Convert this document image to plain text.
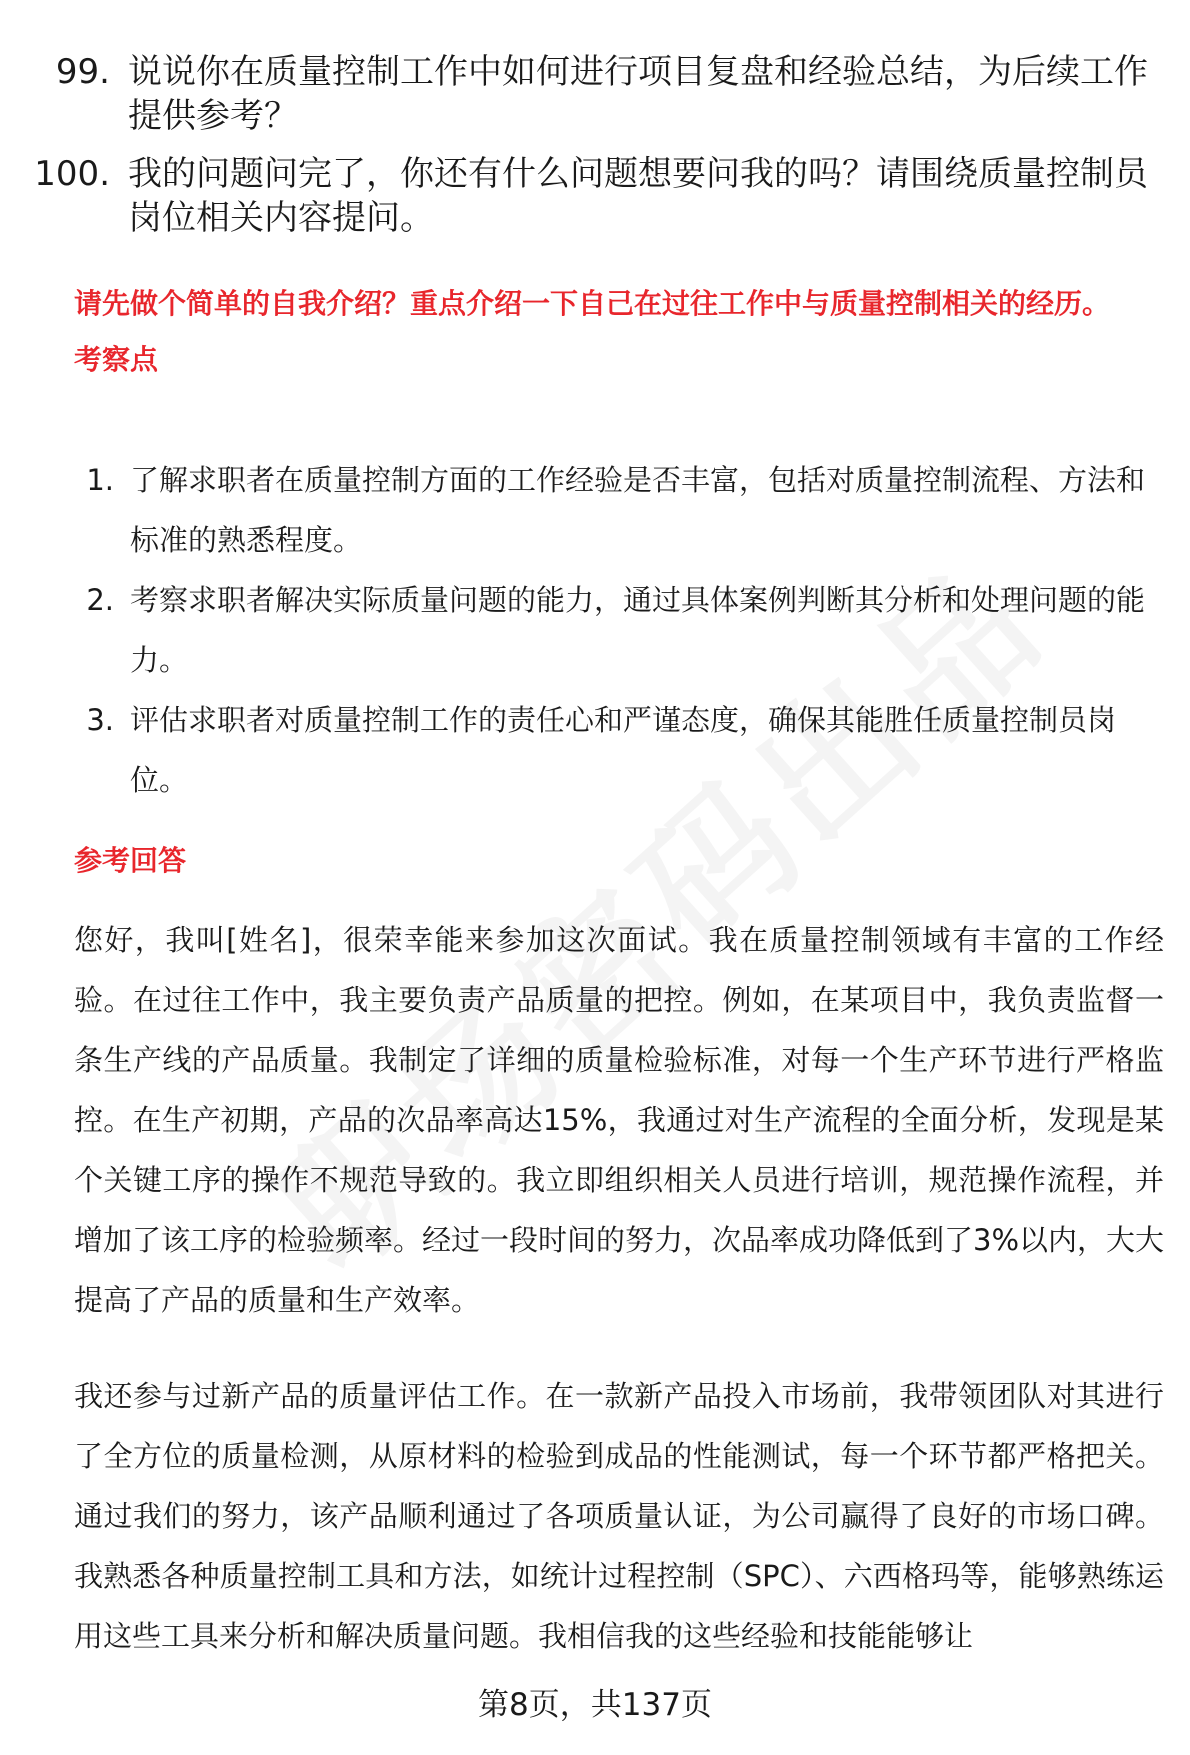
99. 说说你在质量控制工作中如何进行项目复盘和经验总结，为后续工作提供参考？
100. 我的问题问完了，你还有什么问题想要问我的吗？请围绕质量控制员岗位相关内容提问。
请先做个简单的自我介绍？重点介绍一下自己在过往工作中与质量控制相关的经历。
考察点
1. 了解求职者在质量控制方面的工作经验是否丰富，包括对质量控制流程、方法和标准的熟悉程度。
2. 考察求职者解决实际质量问题的能力，通过具体案例判断其分析和处理问题的能力。
3. 评估求职者对质量控制工作的责任心和严谨态度，确保其能胜任质量控制员岗位。
参考回答
您好，我叫[姓名]，很荣幸能来参加这次面试。我在质量控制领域有丰富的工作经验。在过往工作中，我主要负责产品质量的把控。例如，在某项目中，我负责监督一条生产线的产品质量。我制定了详细的质量检验标准，对每一个生产环节进行严格监控。在生产初期，产品的次品率高达15%，我通过对生产流程的全面分析，发现是某个关键工序的操作不规范导致的。我立即组织相关人员进行培训，规范操作流程，并增加了该工序的检验频率。经过一段时间的努力，次品率成功降低到了3%以内，大大提高了产品的质量和生产效率。
我还参与过新产品的质量评估工作。在一款新产品投入市场前，我带领团队对其进行了全方位的质量检测，从原材料的检验到成品的性能测试，每一个环节都严格把关。通过我们的努力，该产品顺利通过了各项质量认证，为公司赢得了良好的市场口碑。我熟悉各种质量控制工具和方法，如统计过程控制（SPC）、六西格玛等，能够熟练运用这些工具来分析和解决质量问题。我相信我的这些经验和技能能够让
第8页，共137页
